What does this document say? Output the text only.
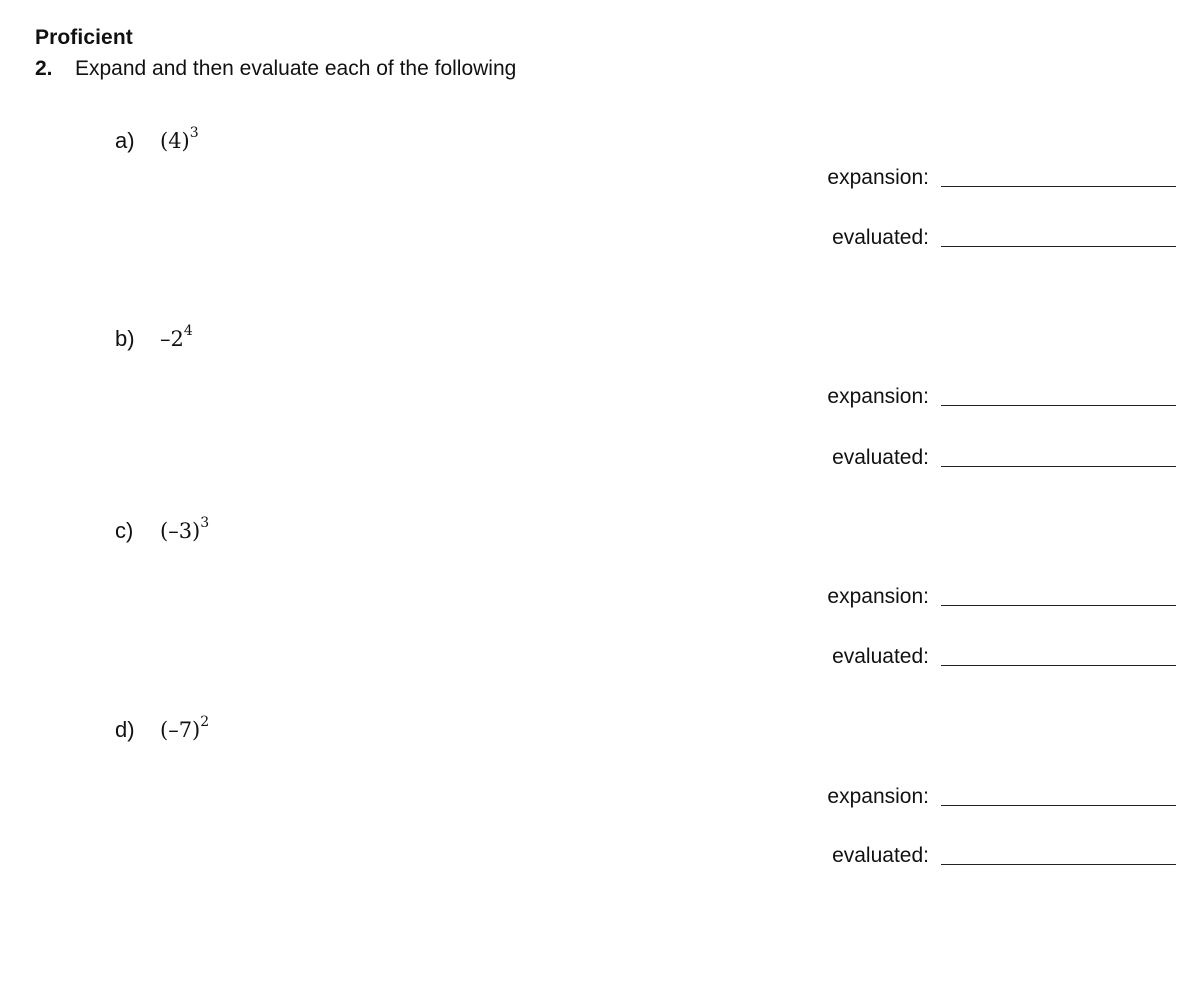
Proficient
2. Expand and then evaluate each of the following
a) $(4)^3$
expansion:
evaluated:
b) $-2^4$
expansion:
evaluated:
c) $(-3)^3$
expansion:
evaluated:
d) $(-7)^2$
expansion:
evaluated:
